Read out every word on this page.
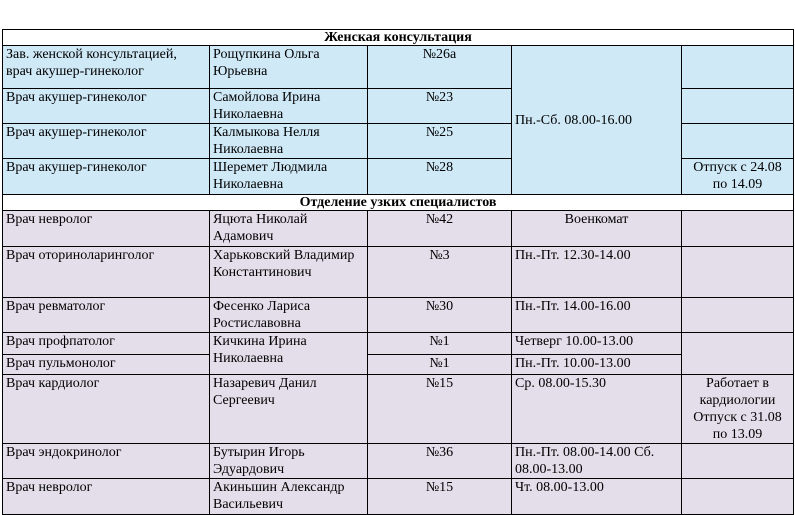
Женская консультация				
Зав. женской консультацией,
врач акушер-гинеколог	Рощупкина Ольга Юрьевна	№26а	Пн.-Сб. 08.00-16.00	
Врач акушер-гинеколог	Самойлова Ирина Николаевна	№23		
Врач акушер-гинеколог	Калмыкова Нелля Николаевна	№25		
Врач акушер-гинеколог	Шеремет Людмила Николаевна	№28		Отпуск с 24.08 по 14.09
Отделение узких специалистов				
Врач невролог	Яцюта Николай Адамович	№42	Военкомат	
Врач оториноларинголог	Харьковский Владимир Константинович	№3	Пн.-Пт. 12.30-14.00	
Врач ревматолог	Фесенко Лариса Ростиславовна	№30	Пн.-Пт. 14.00-16.00	
Врач профпатолог	Кичкина Ирина Николаевна	№1	Четверг 10.00-13.00	
Врач пульмонолог		№1	Пн.-Пт. 10.00-13.00	
Врач кардиолог	Назаревич Данил Сергеевич	№15	Ср. 08.00-15.30	Работает в кардиологии Отпуск с 31.08 по 13.09
Врач эндокринолог	Бутырин Игорь Эдуардович	№36	Пн.-Пт. 08.00-14.00 Сб. 08.00-13.00	
Врач невролог	Акиньшин Александр Васильевич	№15	Чт. 08.00-13.00	
